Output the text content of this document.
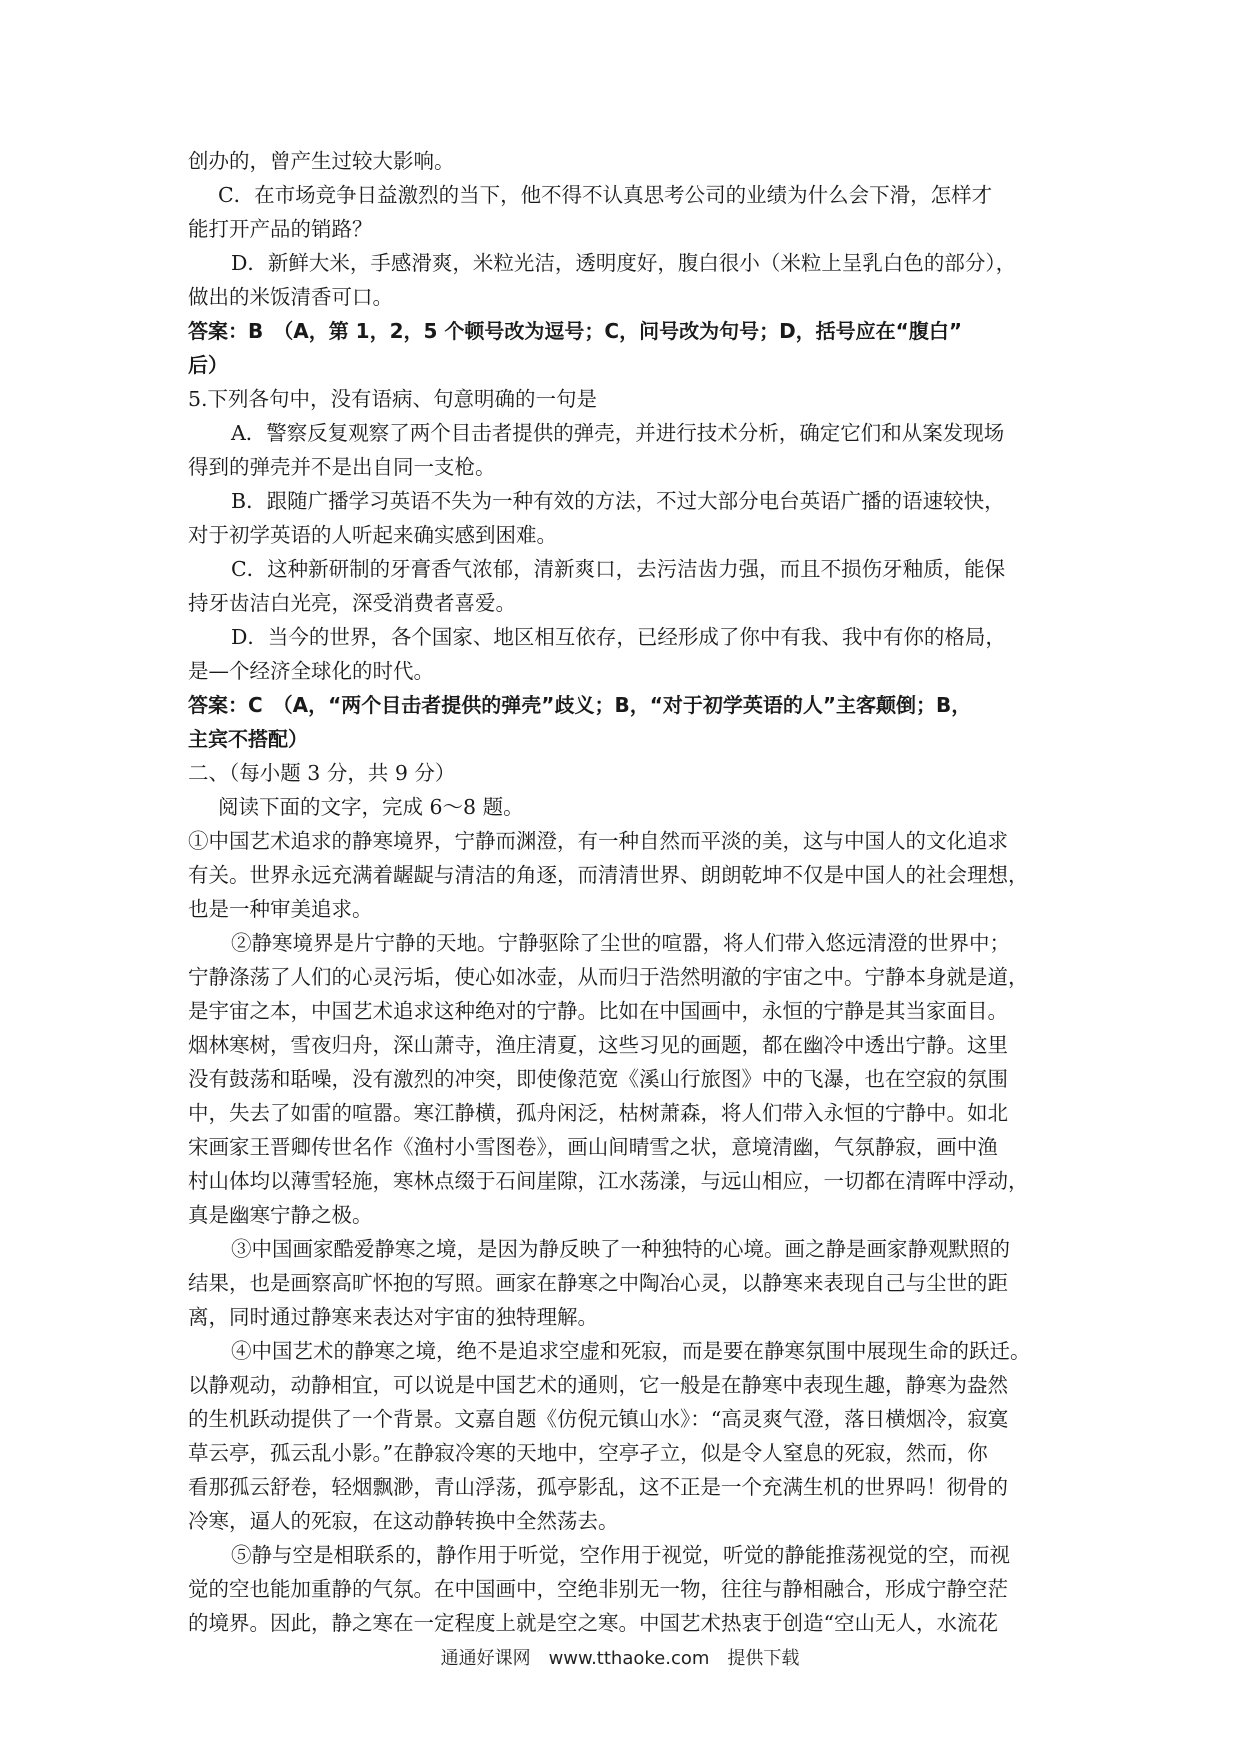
创办的，曾产生过较大影响。

C．在市场竞争日益激烈的当下，他不得不认真思考公司的业绩为什么会下滑，怎样才

能打开产品的销路？

D．新鲜大米，手感滑爽，米粒光洁，透明度好，腹白很小（米粒上呈乳白色的部分），

做出的米饭清香可口。

答案：B　（A，第 1，2，5 个顿号改为逗号；C，问号改为句号；D，括号应在“腹白”

后）

5.下列各句中，没有语病、句意明确的一句是

A．警察反复观察了两个目击者提供的弹壳，并进行技术分析，确定它们和从案发现场

得到的弹壳并不是出自同一支枪。

B．跟随广播学习英语不失为一种有效的方法，不过大部分电台英语广播的语速较快，

对于初学英语的人听起来确实感到困难。

C．这种新研制的牙膏香气浓郁，清新爽口，去污洁齿力强，而且不损伤牙釉质，能保

持牙齿洁白光亮，深受消费者喜爱。

D．当今的世界，各个国家、地区相互依存，已经形成了你中有我、我中有你的格局，

是—个经济全球化的时代。

答案：C　（A，“两个目击者提供的弹壳”歧义；B，“对于初学英语的人”主客颠倒；B，

主宾不搭配）

二、（每小题 3 分，共 9 分）

阅读下面的文字，完成 6～8 题。

①中国艺术追求的静寒境界，宁静而渊澄，有一种自然而平淡的美，这与中国人的文化追求

有关。世界永远充满着龌龊与清洁的角逐，而清清世界、朗朗乾坤不仅是中国人的社会理想，

也是一种审美追求。

②静寒境界是片宁静的天地。宁静驱除了尘世的喧嚣，将人们带入悠远清澄的世界中；

宁静涤荡了人们的心灵污垢，使心如冰壶，从而归于浩然明澈的宇宙之中。宁静本身就是道，

是宇宙之本，中国艺术追求这种绝对的宁静。比如在中国画中，永恒的宁静是其当家面目。

烟林寒树，雪夜归舟，深山萧寺，渔庄清夏，这些习见的画题，都在幽冷中透出宁静。这里

没有鼓荡和聒噪，没有激烈的冲突，即使像范宽《溪山行旅图》中的飞瀑，也在空寂的氛围

中，失去了如雷的喧嚣。寒江静横，孤舟闲泛，枯树萧森，将人们带入永恒的宁静中。如北

宋画家王晋卿传世名作《渔村小雪图卷》，画山间晴雪之状，意境清幽，气氛静寂，画中渔

村山体均以薄雪轻施，寒林点缀于石间崖隙，江水荡漾，与远山相应，一切都在清晖中浮动，

真是幽寒宁静之极。

③中国画家酷爱静寒之境，是因为静反映了一种独特的心境。画之静是画家静观默照的

结果，也是画察高旷怀抱的写照。画家在静寒之中陶冶心灵，以静寒来表现自己与尘世的距

离，同时通过静寒来表达对宇宙的独特理解。

④中国艺术的静寒之境，绝不是追求空虚和死寂，而是要在静寒氛围中展现生命的跃迁。

以静观动，动静相宜，可以说是中国艺术的通则，它一般是在静寒中表现生趣，静寒为盎然

的生机跃动提供了一个背景。文嘉自题《仿倪元镇山水》：“高灵爽气澄，落日横烟冷，寂寞

草云亭，孤云乱小影。”在静寂冷寒的天地中，空亭孑立，似是令人窒息的死寂，然而，你

看那孤云舒卷，轻烟飘渺，青山浮荡，孤亭影乱，这不正是一个充满生机的世界吗！彻骨的

冷寒，逼人的死寂，在这动静转换中全然荡去。

⑤静与空是相联系的，静作用于听觉，空作用于视觉，听觉的静能推荡视觉的空，而视

觉的空也能加重静的气氛。在中国画中，空绝非别无一物，往往与静相融合，形成宁静空茫

的境界。因此，静之寒在一定程度上就是空之寒。中国艺术热衷于创造“空山无人，水流花

通通好课网　www.tthaoke.com　提供下载
